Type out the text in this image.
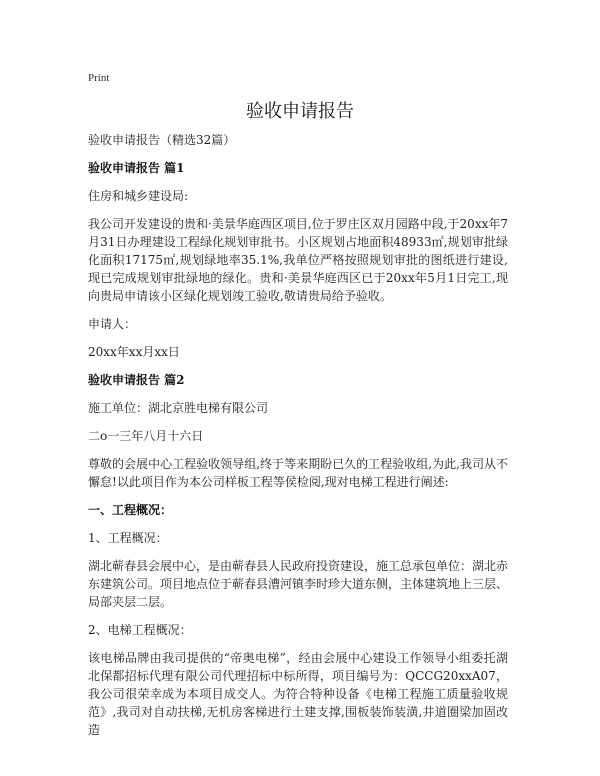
Print
验收申请报告

验收申请报告（精选32篇）

验收申请报告 篇1

住房和城乡建设局:

我公司开发建设的贵和·美景华庭西区项目,位于罗庄区双月园路中段,于20xx年7月31日办理建设工程绿化规划审批书。小区规划占地面积48933㎡,规划审批绿化面积17175㎡,规划绿地率35.1%,我单位严格按照规划审批的图纸进行建设,现已完成规划审批绿地的绿化。贵和·美景华庭西区已于20xx年5月1日完工,现向贵局申请该小区绿化规划竣工验收,敬请贵局给予验收。

申请人：

20xx年xx月xx日

验收申请报告 篇2

施工单位：湖北京胜电梯有限公司

二o一三年八月十六日

尊敬的会展中心工程验收领导组,终于等来期盼已久的工程验收组,为此,我司从不懈怠!以此项目作为本公司样板工程等侯检阅,现对电梯工程进行阐述:

一、工程概况：

1、工程概况：

湖北蕲春县会展中心，是由蕲春县人民政府投资建设，施工总承包单位：湖北赤东建筑公司。项目地点位于蕲春县漕河镇李时珍大道东侧，主体建筑地上三层、局部夹层二层。

2、电梯工程概况：

该电梯品牌由我司提供的“帝奥电梯”，经由会展中心建设工作领导小组委托湖北保都招标代理有限公司代理招标中标所得，项目编号为：QCCG20xxA07，我公司很荣幸成为本项目成交人。为符合特种设备《电梯工程施工质量验收规范》,我司对自动扶梯,无机房客梯进行土建支撑,围板装饰装潢,井道圈梁加固改造
